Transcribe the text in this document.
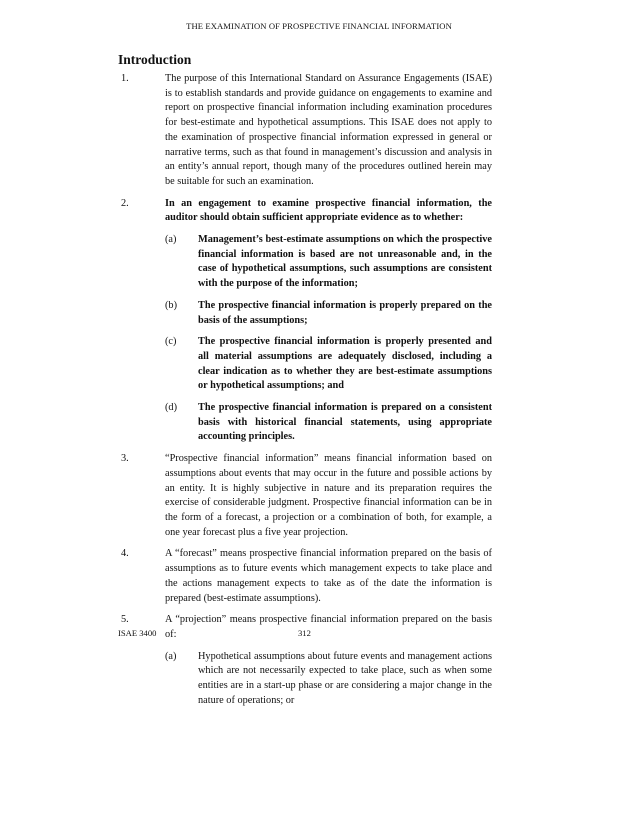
THE EXAMINATION OF PROSPECTIVE FINANCIAL INFORMATION
Introduction
1.	The purpose of this International Standard on Assurance Engagements (ISAE) is to establish standards and provide guidance on engagements to examine and report on prospective financial information including examination procedures for best-estimate and hypothetical assumptions. This ISAE does not apply to the examination of prospective financial information expressed in general or narrative terms, such as that found in management’s discussion and analysis in an entity’s annual report, though many of the procedures outlined herein may be suitable for such an examination.
2.	In an engagement to examine prospective financial information, the auditor should obtain sufficient appropriate evidence as to whether:
(a) Management’s best-estimate assumptions on which the prospective financial information is based are not unreasonable and, in the case of hypothetical assumptions, such assumptions are consistent with the purpose of the information;
(b) The prospective financial information is properly prepared on the basis of the assumptions;
(c) The prospective financial information is properly presented and all material assumptions are adequately disclosed, including a clear indication as to whether they are best-estimate assumptions or hypothetical assumptions; and
(d) The prospective financial information is prepared on a consistent basis with historical financial statements, using appropriate accounting principles.
3.	“Prospective financial information” means financial information based on assumptions about events that may occur in the future and possible actions by an entity. It is highly subjective in nature and its preparation requires the exercise of considerable judgment. Prospective financial information can be in the form of a forecast, a projection or a combination of both, for example, a one year forecast plus a five year projection.
4.	A “forecast” means prospective financial information prepared on the basis of assumptions as to future events which management expects to take place and the actions management expects to take as of the date the information is prepared (best-estimate assumptions).
5.	A “projection” means prospective financial information prepared on the basis of:
(a) Hypothetical assumptions about future events and management actions which are not necessarily expected to take place, such as when some entities are in a start-up phase or are considering a major change in the nature of operations; or
ISAE 3400	312
